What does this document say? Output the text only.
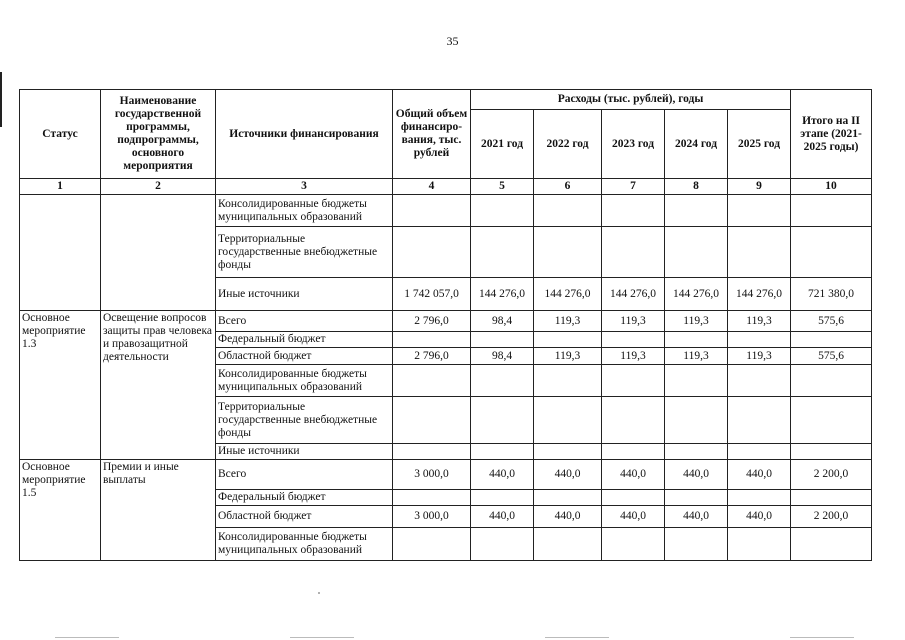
35
Статус	Наименование государственной программы, подпрограммы, основного мероприятия	Источники финансирования	Общий объем финансиро-вания, тыс. рублей	Расходы (тыс. рублей), годы					Итого на II этапе (2021-2025 годы)
				2021 год	2022 год	2023 год	2024 год	2025 год	
1	2	3	4	5	6	7	8	9	10
		Консолидированные бюджеты муниципальных образований							
		Территориальные государственные внебюджетные фонды							
		Иные источники	1 742 057,0	144 276,0	144 276,0	144 276,0	144 276,0	144 276,0	721 380,0
Основное мероприятие 1.3	Освещение вопросов защиты прав человека и правозащитной деятельности	Всего	2 796,0	98,4	119,3	119,3	119,3	119,3	575,6
		Федеральный бюджет							
		Областной бюджет	2 796,0	98,4	119,3	119,3	119,3	119,3	575,6
		Консолидированные бюджеты муниципальных образований							
		Территориальные государственные внебюджетные фонды							
		Иные источники							
Основное мероприятие 1.5	Премии и иные выплаты	Всего	3 000,0	440,0	440,0	440,0	440,0	440,0	2 200,0
		Федеральный бюджет							
		Областной бюджет	3 000,0	440,0	440,0	440,0	440,0	440,0	2 200,0
		Консолидированные бюджеты муниципальных образований							
